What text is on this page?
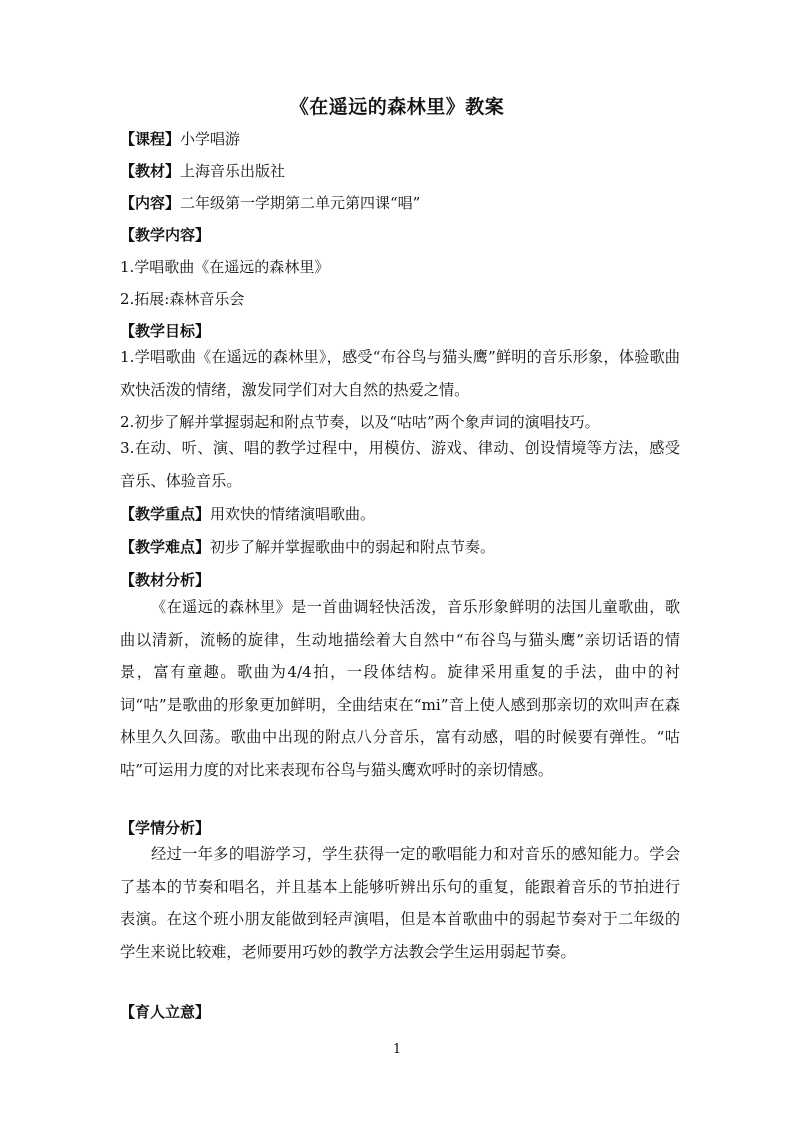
《在遥远的森林里》教案
【课程】小学唱游
【教材】上海音乐出版社
【内容】二年级第一学期第二单元第四课“唱”
【教学内容】
1.学唱歌曲《在遥远的森林里》
2.拓展:森林音乐会
【教学目标】

1.学唱歌曲《在遥远的森林里》，感受“布谷鸟与猫头鹰”鲜明的音乐形象，体验歌曲欢快活泼的情绪，激发同学们对大自然的热爱之情。

2.初步了解并掌握弱起和附点节奏，以及“咕咕”两个象声词的演唱技巧。

3.在动、听、演、唱的教学过程中，用模仿、游戏、律动、创设情境等方法，感受音乐、体验音乐。

【教学重点】用欢快的情绪演唱歌曲。
【教学难点】初步了解并掌握歌曲中的弱起和附点节奏。
【教材分析】

《在遥远的森林里》是一首曲调轻快活泼，音乐形象鲜明的法国儿童歌曲，歌曲以清新，流畅的旋律，生动地描绘着大自然中“布谷鸟与猫头鹰”亲切话语的情景，富有童趣。歌曲为4/4拍，一段体结构。旋律采用重复的手法，曲中的衬词“咕”是歌曲的形象更加鲜明，全曲结束在“mi”音上使人感到那亲切的欢叫声在森林里久久回荡。歌曲中出现的附点八分音乐，富有动感，唱的时候要有弹性。“咕咕”可运用力度的对比来表现布谷鸟与猫头鹰欢呼时的亲切情感。

【学情分析】

经过一年多的唱游学习，学生获得一定的歌唱能力和对音乐的感知能力。学会了基本的节奏和唱名，并且基本上能够听辨出乐句的重复，能跟着音乐的节拍进行表演。在这个班小朋友能做到轻声演唱，但是本首歌曲中的弱起节奏对于二年级的学生来说比较难，老师要用巧妙的教学方法教会学生运用弱起节奏。

【育人立意】
1
